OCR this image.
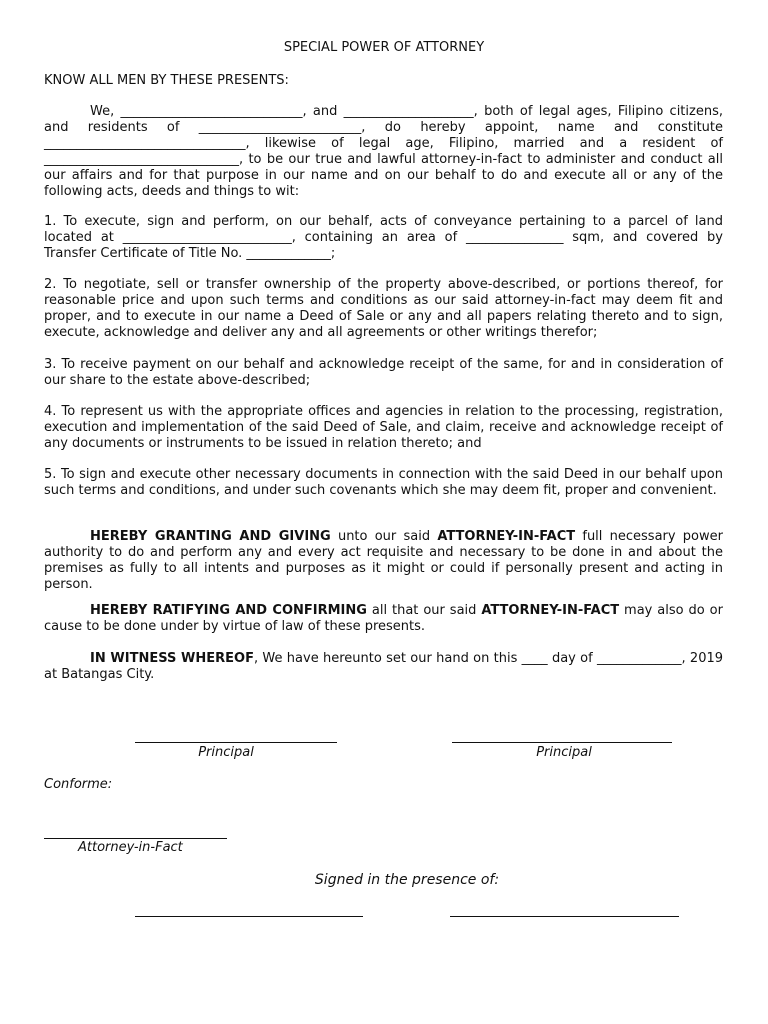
SPECIAL POWER OF ATTORNEY
KNOW ALL MEN BY THESE PRESENTS:

We, ____________________________, and ____________________, both of legal ages, Filipino citizens, and residents of _________________________, do hereby appoint, name and constitute _______________________________, likewise of legal age, Filipino, married and a resident of ______________________________, to be our true and lawful attorney-in-fact to administer and conduct all our affairs and for that purpose in our name and on our behalf to do and execute all or any of the following acts, deeds and things to wit:

1. To execute, sign and perform, on our behalf, acts of conveyance pertaining to a parcel of land located at __________________________, containing an area of _______________ sqm, and covered by Transfer Certificate of Title No. _____________;

2. To negotiate, sell or transfer ownership of the property above-described, or portions thereof, for reasonable price and upon such terms and conditions as our said attorney-in-fact may deem fit and proper, and to execute in our name a Deed of Sale or any and all papers relating thereto and to sign, execute, acknowledge and deliver any and all agreements or other writings therefor;

3. To receive payment on our behalf and acknowledge receipt of the same, for and in consideration of our share to the estate above-described;

4. To represent us with the appropriate offices and agencies in relation to the processing, registration, execution and implementation of the said Deed of Sale, and claim, receive and acknowledge receipt of any documents or instruments to be issued in relation thereto; and

5. To sign and execute other necessary documents in connection with the said Deed in our behalf upon such terms and conditions, and under such covenants which she may deem fit, proper and convenient.

HEREBY GRANTING AND GIVING unto our said ATTORNEY-IN-FACT full necessary power authority to do and perform any and every act requisite and necessary to be done in and about the premises as fully to all intents and purposes as it might or could if personally present and acting in person.

HEREBY RATIFYING AND CONFIRMING all that our said ATTORNEY-IN-FACT may also do or cause to be done under by virtue of law of these presents.

IN WITNESS WHEREOF, We have hereunto set our hand on this ____ day of _____________, 2019 at Batangas City.

Principal	Principal
Conforme:
Attorney-in-Fact
Signed in the presence of:
